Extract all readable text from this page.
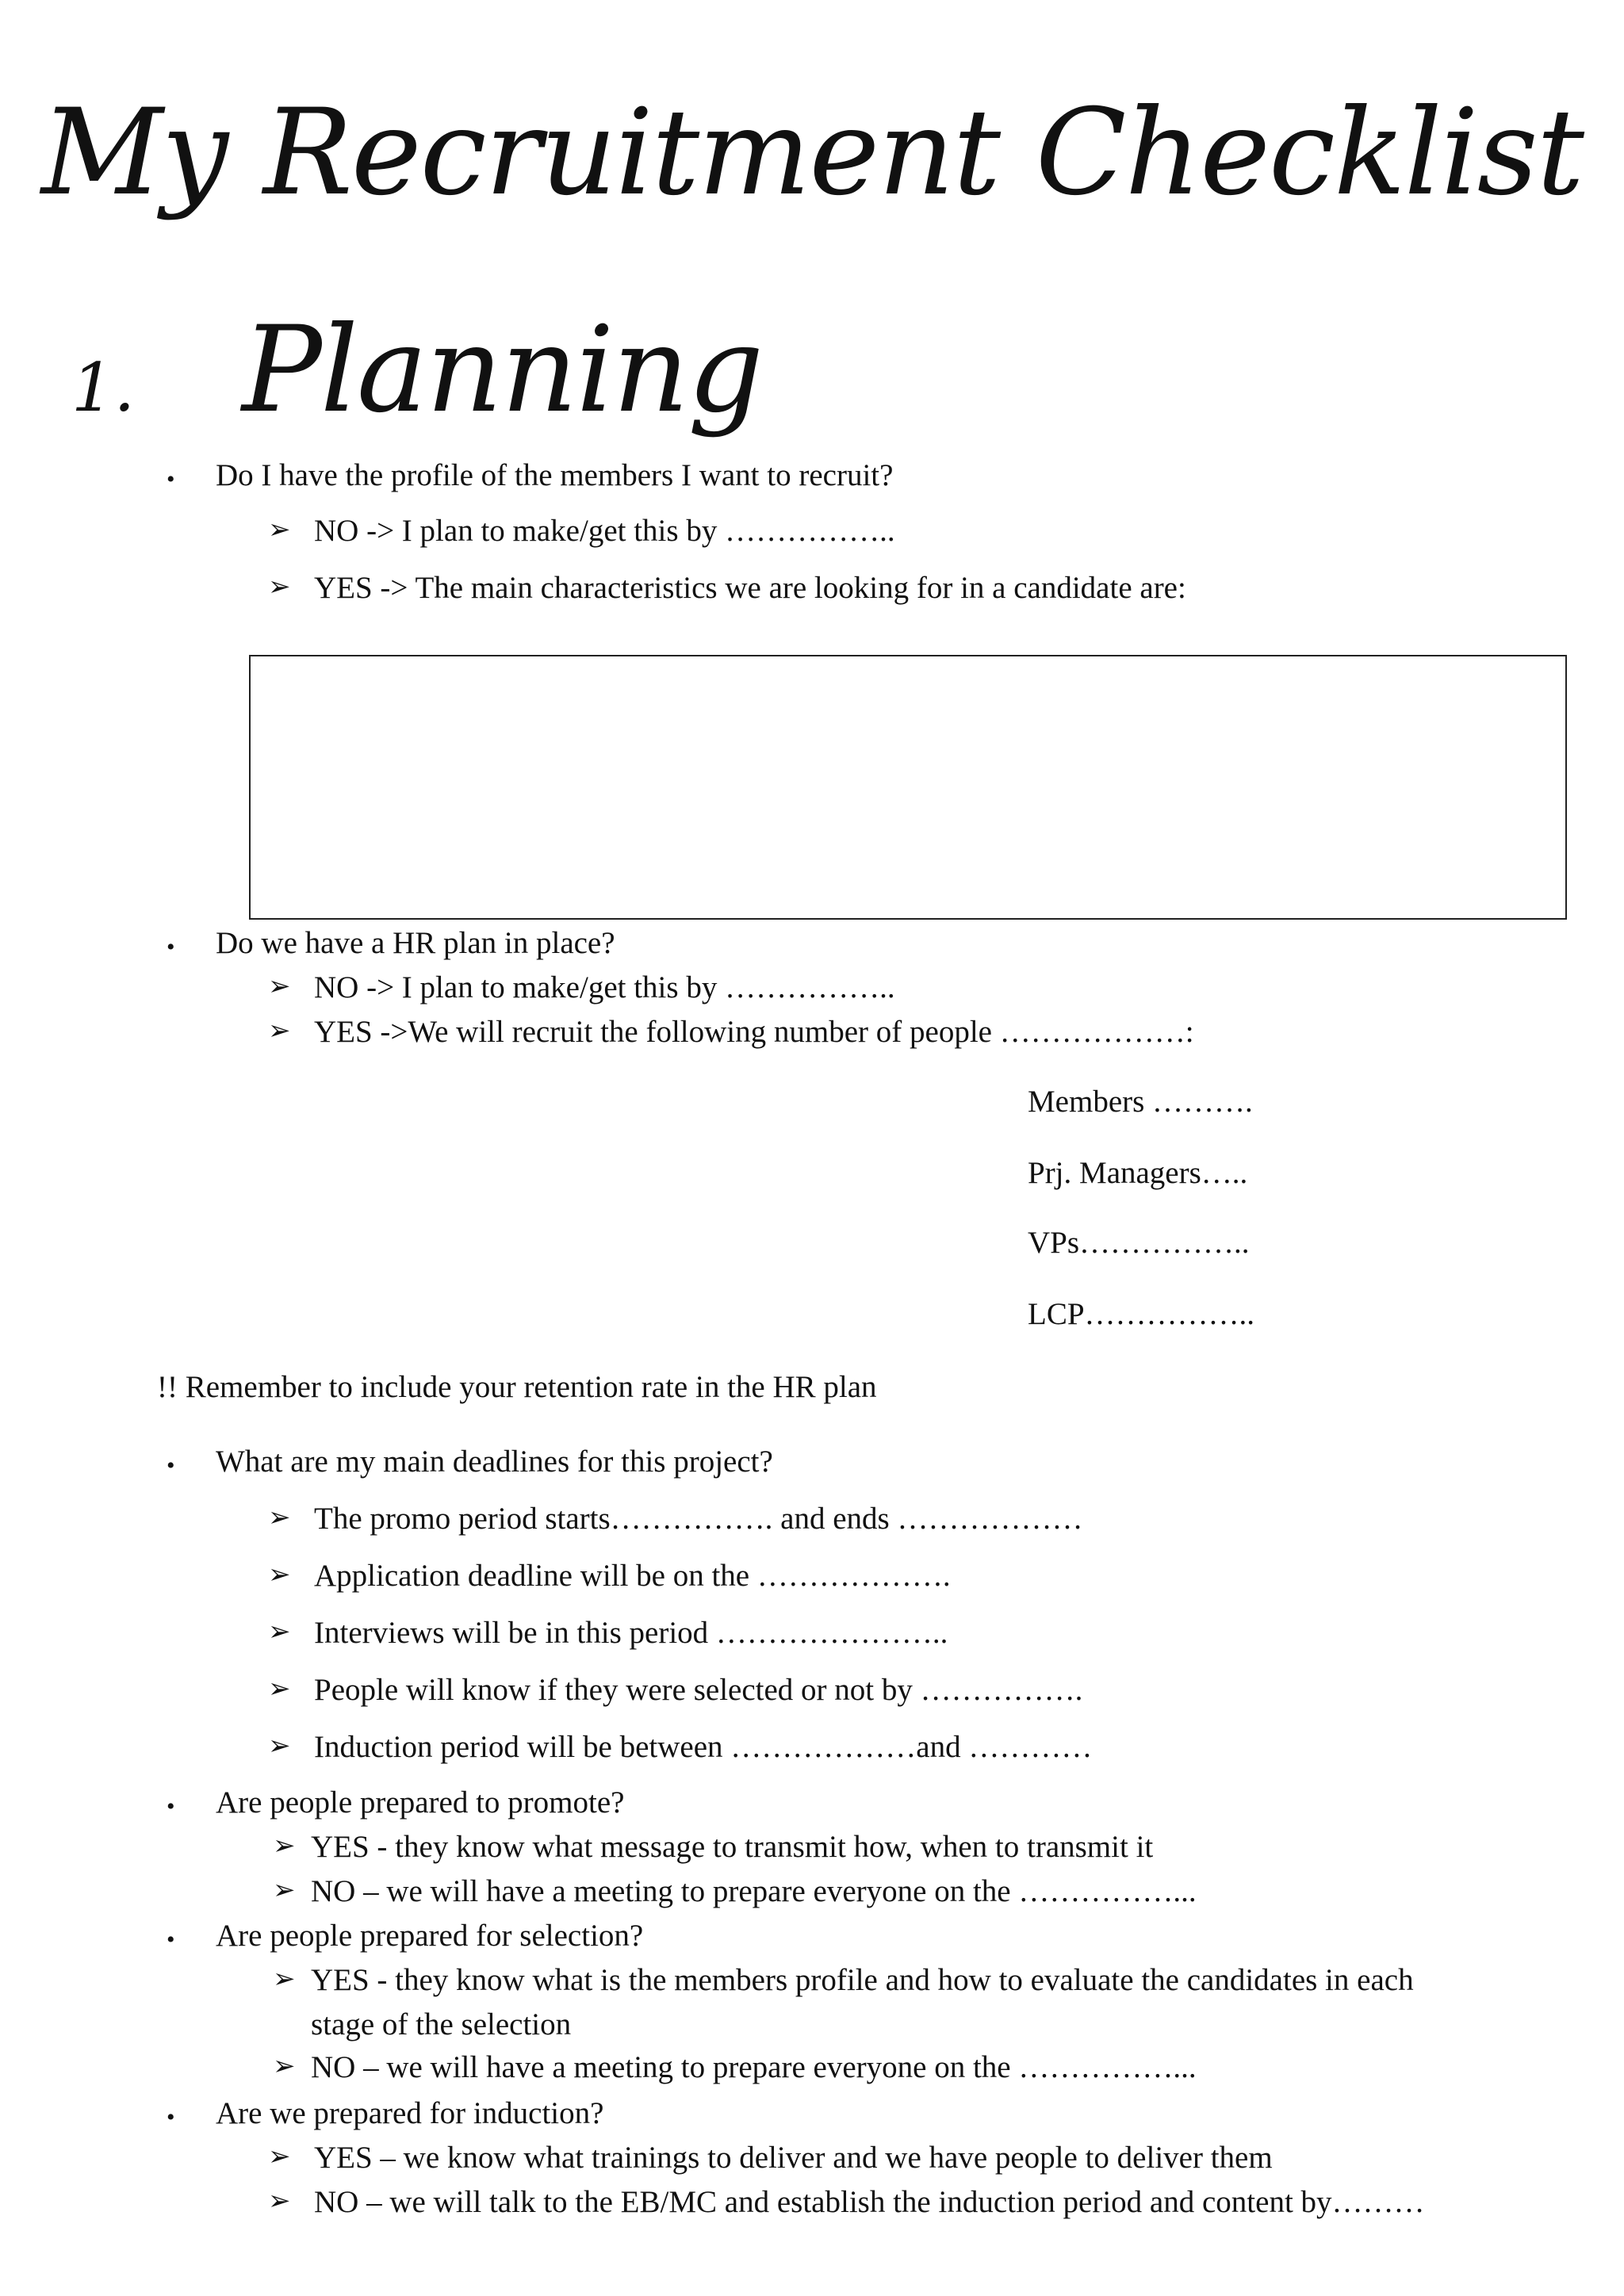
My Recruitment Checklist
1. Planning
• Do I have the profile of the members I want to recruit?
➢ NO -> I plan to make/get this by ……………..
➢ YES -> The main characteristics we are looking for in a candidate are:
• Do we have a HR plan in place?
➢ NO -> I plan to make/get this by ……………..
➢ YES ->We will recruit the following number of people ………………:
Members ……….
Prj. Managers…..
VPs……………..
LCP……………..
!! Remember to include your retention rate in the HR plan
• What are my main deadlines for this project?
➢ The promo period starts……………. and ends ………………
➢ Application deadline will be on the ……………….
➢ Interviews will be in this period …………………..
➢ People will know if they were selected or not by …………….
➢ Induction period will be between ………………and …………
• Are people prepared to promote?
➢ YES - they know what message to transmit how, when to transmit it
➢ NO – we will have a meeting to prepare everyone on the ……………...
• Are people prepared for selection?
➢ YES - they know what is the members profile and how to evaluate the candidates in each
stage of the selection
➢ NO – we will have a meeting to prepare everyone on the ……………...
• Are we prepared for induction?
➢ YES – we know what trainings to deliver and we have people to deliver them
➢ NO – we will talk to the EB/MC and establish the induction period and content by………
